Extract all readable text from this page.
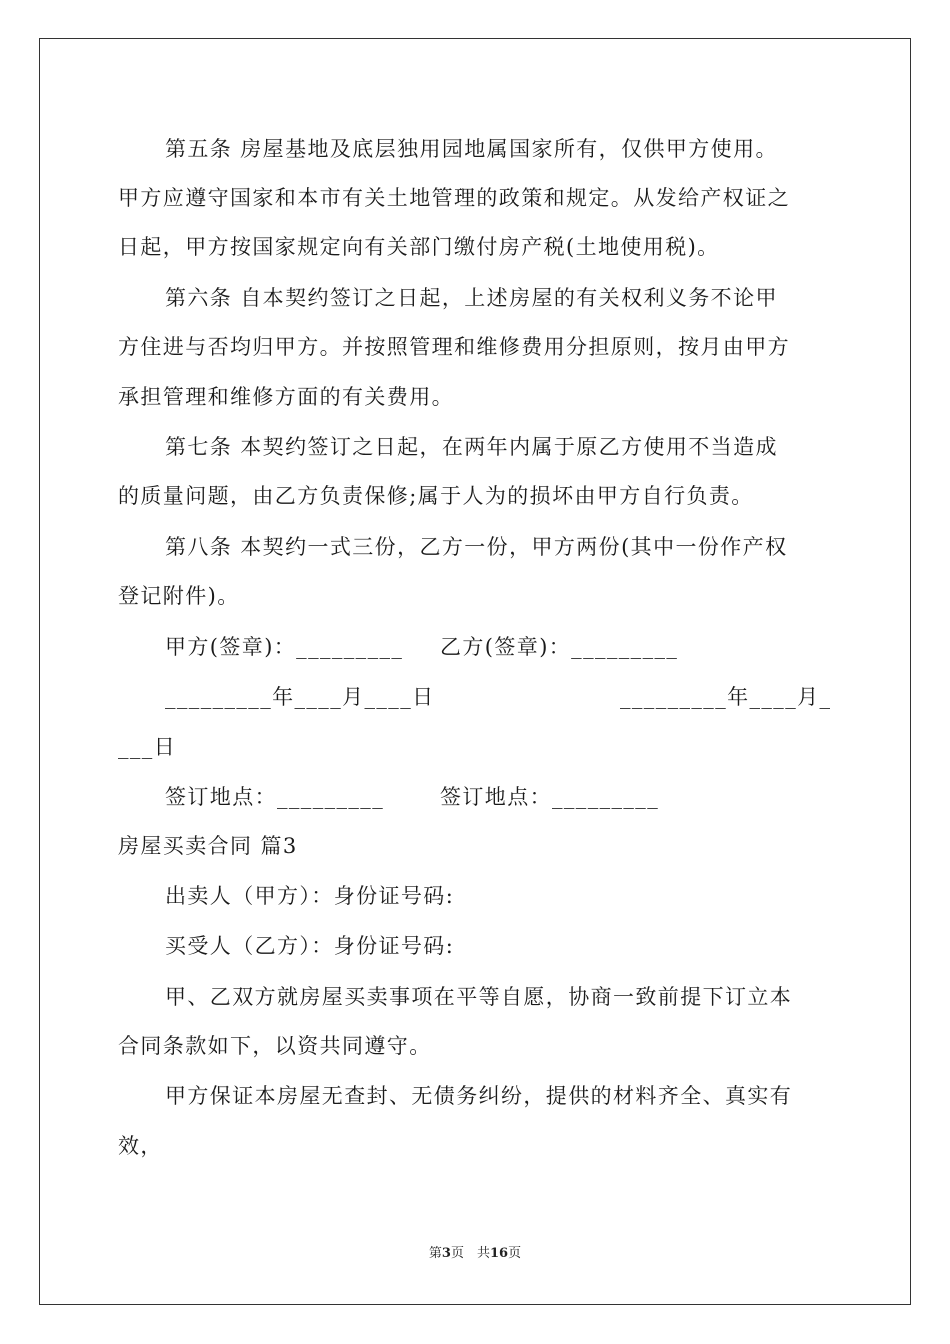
第五条 房屋基地及底层独用园地属国家所有，仅供甲方使用。
甲方应遵守国家和本市有关土地管理的政策和规定。从发给产权证之
日起，甲方按国家规定向有关部门缴付房产税(土地使用税)。
第六条 自本契约签订之日起，上述房屋的有关权利义务不论甲
方住进与否均归甲方。并按照管理和维修费用分担原则，按月由甲方
承担管理和维修方面的有关费用。
第七条 本契约签订之日起，在两年内属于原乙方使用不当造成
的质量问题，由乙方负责保修;属于人为的损坏由甲方自行负责。
第八条 本契约一式三份，乙方一份，甲方两份(其中一份作产权
登记附件)。
甲方(签章)：_________ 乙方(签章)：_________
_________年____月____日	_________年____月_
___日
签订地点：_________	签订地点：_________
房屋买卖合同 篇3
出卖人（甲方）：身份证号码:
买受人（乙方）：身份证号码:
甲、乙双方就房屋买卖事项在平等自愿，协商一致前提下订立本
合同条款如下，以资共同遵守。
甲方保证本房屋无查封、无债务纠纷，提供的材料齐全、真实有
效，
第3页　共16页
